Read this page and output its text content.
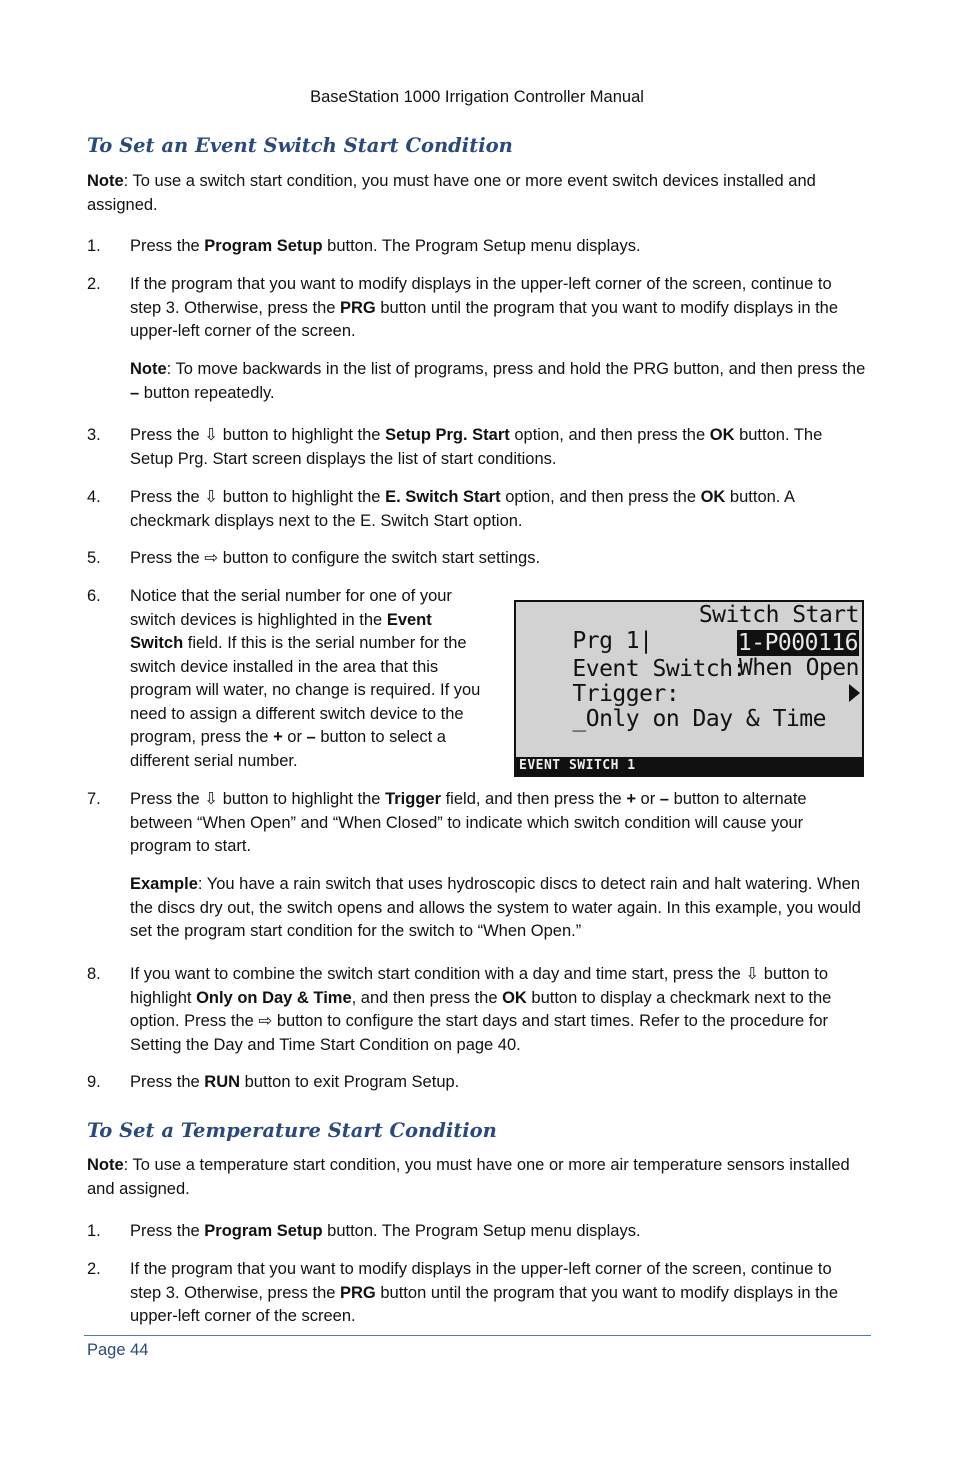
BaseStation 1000 Irrigation Controller Manual
To Set an Event Switch Start Condition
Note: To use a switch start condition, you must have one or more event switch devices installed and assigned.
1.	Press the Program Setup button. The Program Setup menu displays.
2.	If the program that you want to modify displays in the upper-left corner of the screen, continue to step 3. Otherwise, press the PRG button until the program that you want to modify displays in the upper-left corner of the screen.
Note: To move backwards in the list of programs, press and hold the PRG button, and then press the – button repeatedly.
3.	Press the ⇩ button to highlight the Setup Prg. Start option, and then press the OK button. The Setup Prg. Start screen displays the list of start conditions.
4.	Press the ⇩ button to highlight the E. Switch Start option, and then press the OK button. A checkmark displays next to the E. Switch Start option.
5.	Press the ⇨ button to configure the switch start settings.
6.	Notice that the serial number for one of your switch devices is highlighted in the Event Switch field. If this is the serial number for the switch device installed in the area that this program will water, no change is required. If you need to assign a different switch device to the program, press the + or – button to select a different serial number.

Prg 1|

Switch Start

Event Switch:

1-P000116

Trigger:

When Open

_Only on Day & Time

EVENT SWITCH 1
7.	Press the ⇩ button to highlight the Trigger field, and then press the + or – button to alternate between “When Open” and “When Closed” to indicate which switch condition will cause your program to start.
Example: You have a rain switch that uses hydroscopic discs to detect rain and halt watering. When the discs dry out, the switch opens and allows the system to water again. In this example, you would set the program start condition for the switch to “When Open.”
8.	If you want to combine the switch start condition with a day and time start, press the ⇩ button to highlight Only on Day & Time, and then press the OK button to display a checkmark next to the option. Press the ⇨ button to configure the start days and start times. Refer to the procedure for Setting the Day and Time Start Condition on page 40.
9.	Press the RUN button to exit Program Setup.
To Set a Temperature Start Condition
Note: To use a temperature start condition, you must have one or more air temperature sensors installed and assigned.
1.	Press the Program Setup button. The Program Setup menu displays.
2.	If the program that you want to modify displays in the upper-left corner of the screen, continue to step 3. Otherwise, press the PRG button until the program that you want to modify displays in the upper-left corner of the screen.
Page 44
